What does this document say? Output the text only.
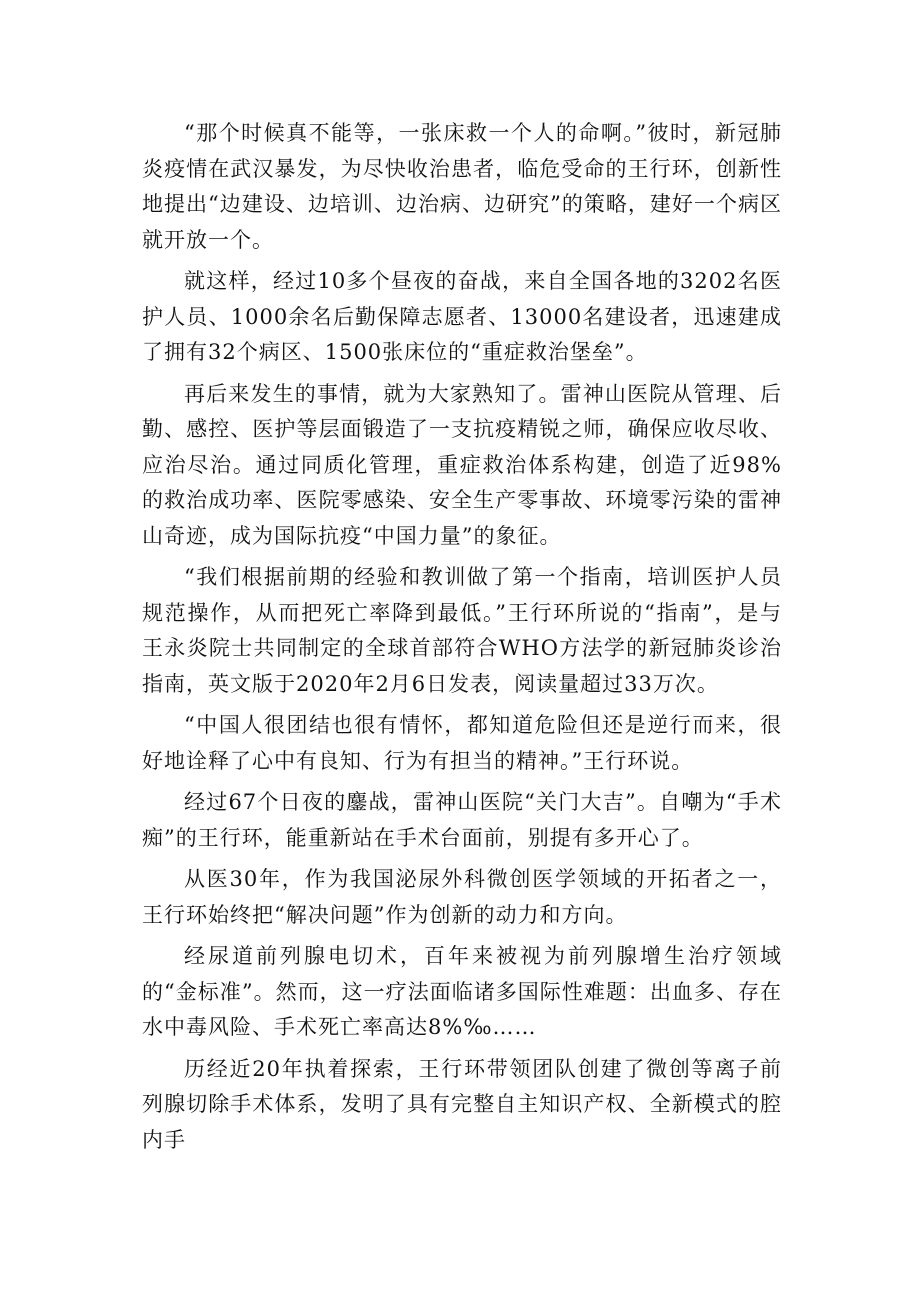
“那个时候真不能等，一张床救一个人的命啊。”彼时，新冠肺炎疫情在武汉暴发，为尽快收治患者，临危受命的王行环，创新性地提出“边建设、边培训、边治病、边研究”的策略，建好一个病区就开放一个。

就这样，经过10多个昼夜的奋战，来自全国各地的3202名医护人员、1000余名后勤保障志愿者、13000名建设者，迅速建成了拥有32个病区、1500张床位的“重症救治堡垒”。

再后来发生的事情，就为大家熟知了。雷神山医院从管理、后勤、感控、医护等层面锻造了一支抗疫精锐之师，确保应收尽收、应治尽治。通过同质化管理，重症救治体系构建，创造了近98%的救治成功率、医院零感染、安全生产零事故、环境零污染的雷神山奇迹，成为国际抗疫“中国力量”的象征。

“我们根据前期的经验和教训做了第一个指南，培训医护人员规范操作，从而把死亡率降到最低。”王行环所说的“指南”，是与王永炎院士共同制定的全球首部符合WHO方法学的新冠肺炎诊治指南，英文版于2020年2月6日发表，阅读量超过33万次。

“中国人很团结也很有情怀，都知道危险但还是逆行而来，很好地诠释了心中有良知、行为有担当的精神。”王行环说。

经过67个日夜的鏖战，雷神山医院“关门大吉”。自嘲为“手术痴”的王行环，能重新站在手术台面前，别提有多开心了。

从医30年，作为我国泌尿外科微创医学领域的开拓者之一，王行环始终把“解决问题”作为创新的动力和方向。

经尿道前列腺电切术，百年来被视为前列腺增生治疗领域的“金标准”。然而，这一疗法面临诸多国际性难题：出血多、存在水中毒风险、手术死亡率高达8%‰……

历经近20年执着探索，王行环带领团队创建了微创等离子前列腺切除手术体系，发明了具有完整自主知识产权、全新模式的腔内手
